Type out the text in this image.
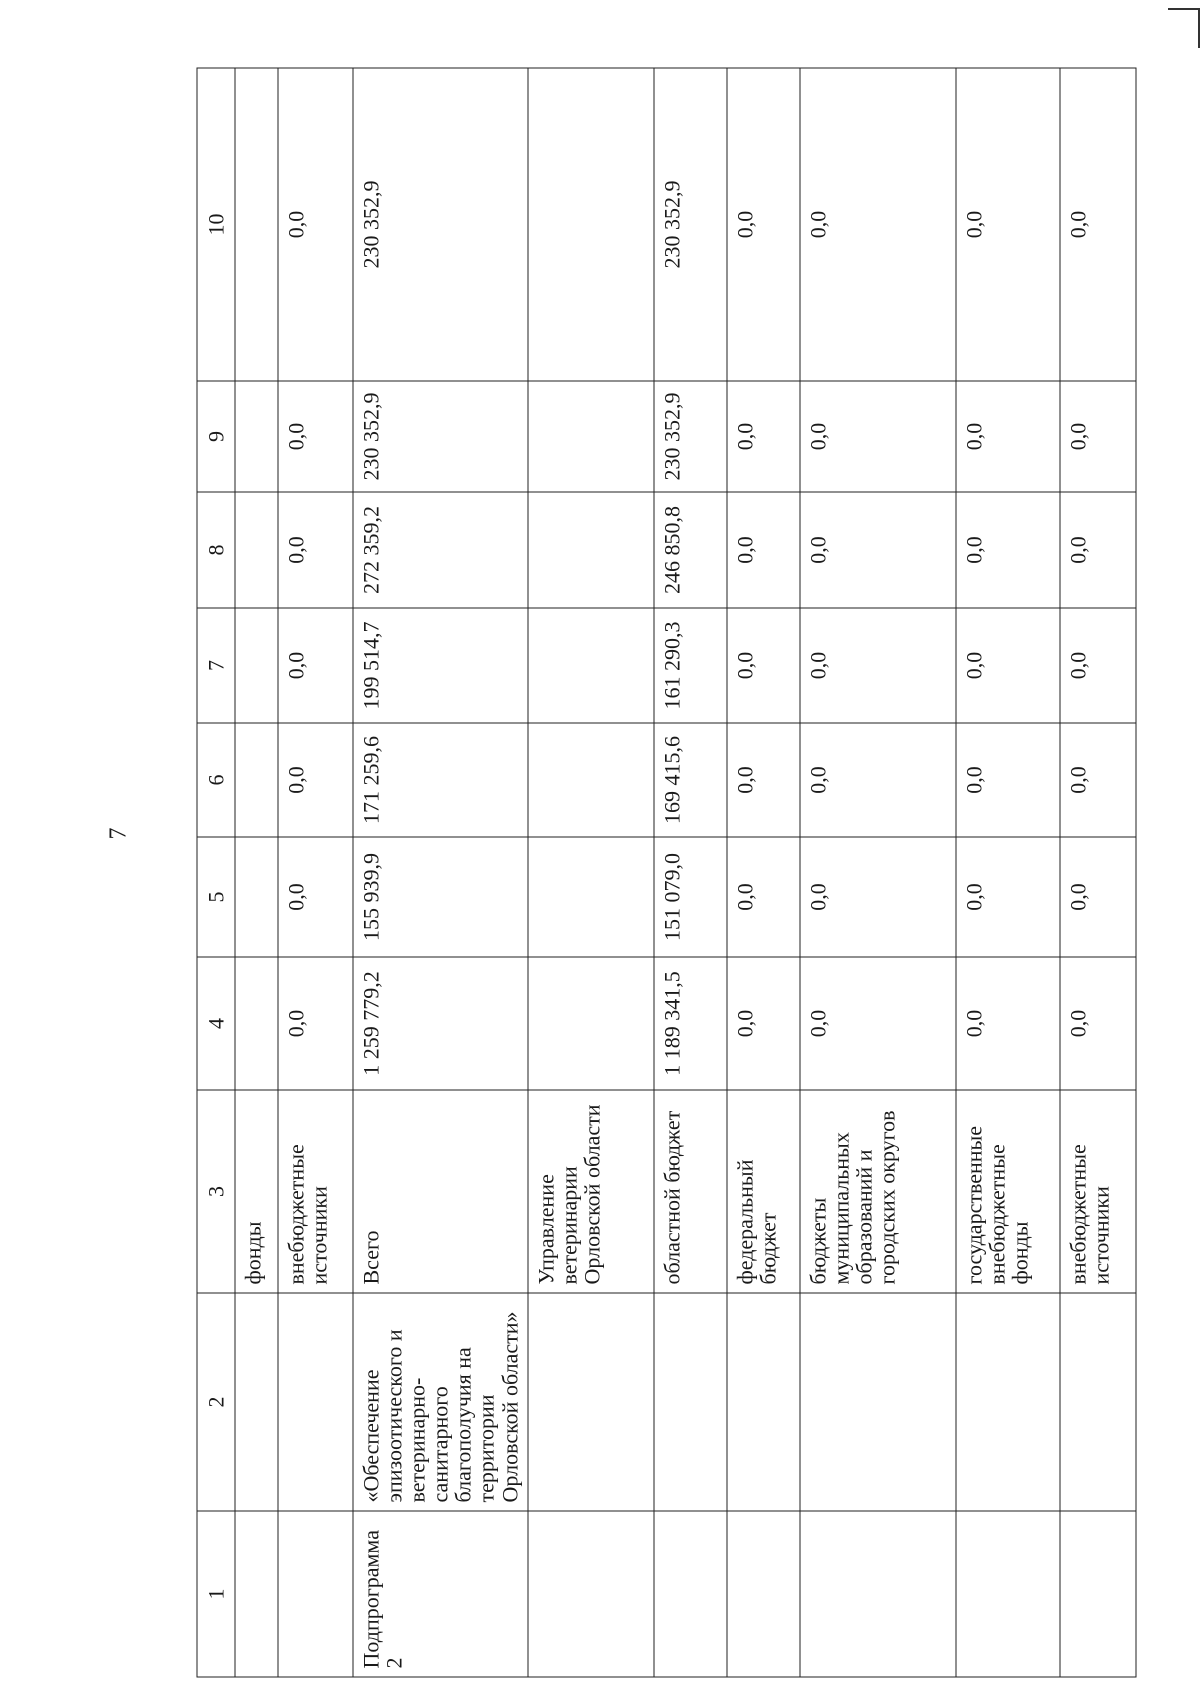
7
1	2	3	4	5	6	7	8	9	10
		фонды							
		внебюджетные источники	0,0	0,0	0,0	0,0	0,0	0,0	0,0
Подпрограмма 2	«Обеспечение эпизоотического и ветеринарно-санитарного благополучия на территории Орловской области»	Всего	1 259 779,2	155 939,9	171 259,6	199 514,7	272 359,2	230 352,9	230 352,9
		Управление ветеринарии Орловской области							
		областной бюджет	1 189 341,5	151 079,0	169 415,6	161 290,3	246 850,8	230 352,9	230 352,9
		федеральный бюджет	0,0	0,0	0,0	0,0	0,0	0,0	0,0
		бюджеты муниципальных образований и городских округов	0,0	0,0	0,0	0,0	0,0	0,0	0,0
		государственные внебюджетные фонды	0,0	0,0	0,0	0,0	0,0	0,0	0,0
		внебюджетные источники	0,0	0,0	0,0	0,0	0,0	0,0	0,0
